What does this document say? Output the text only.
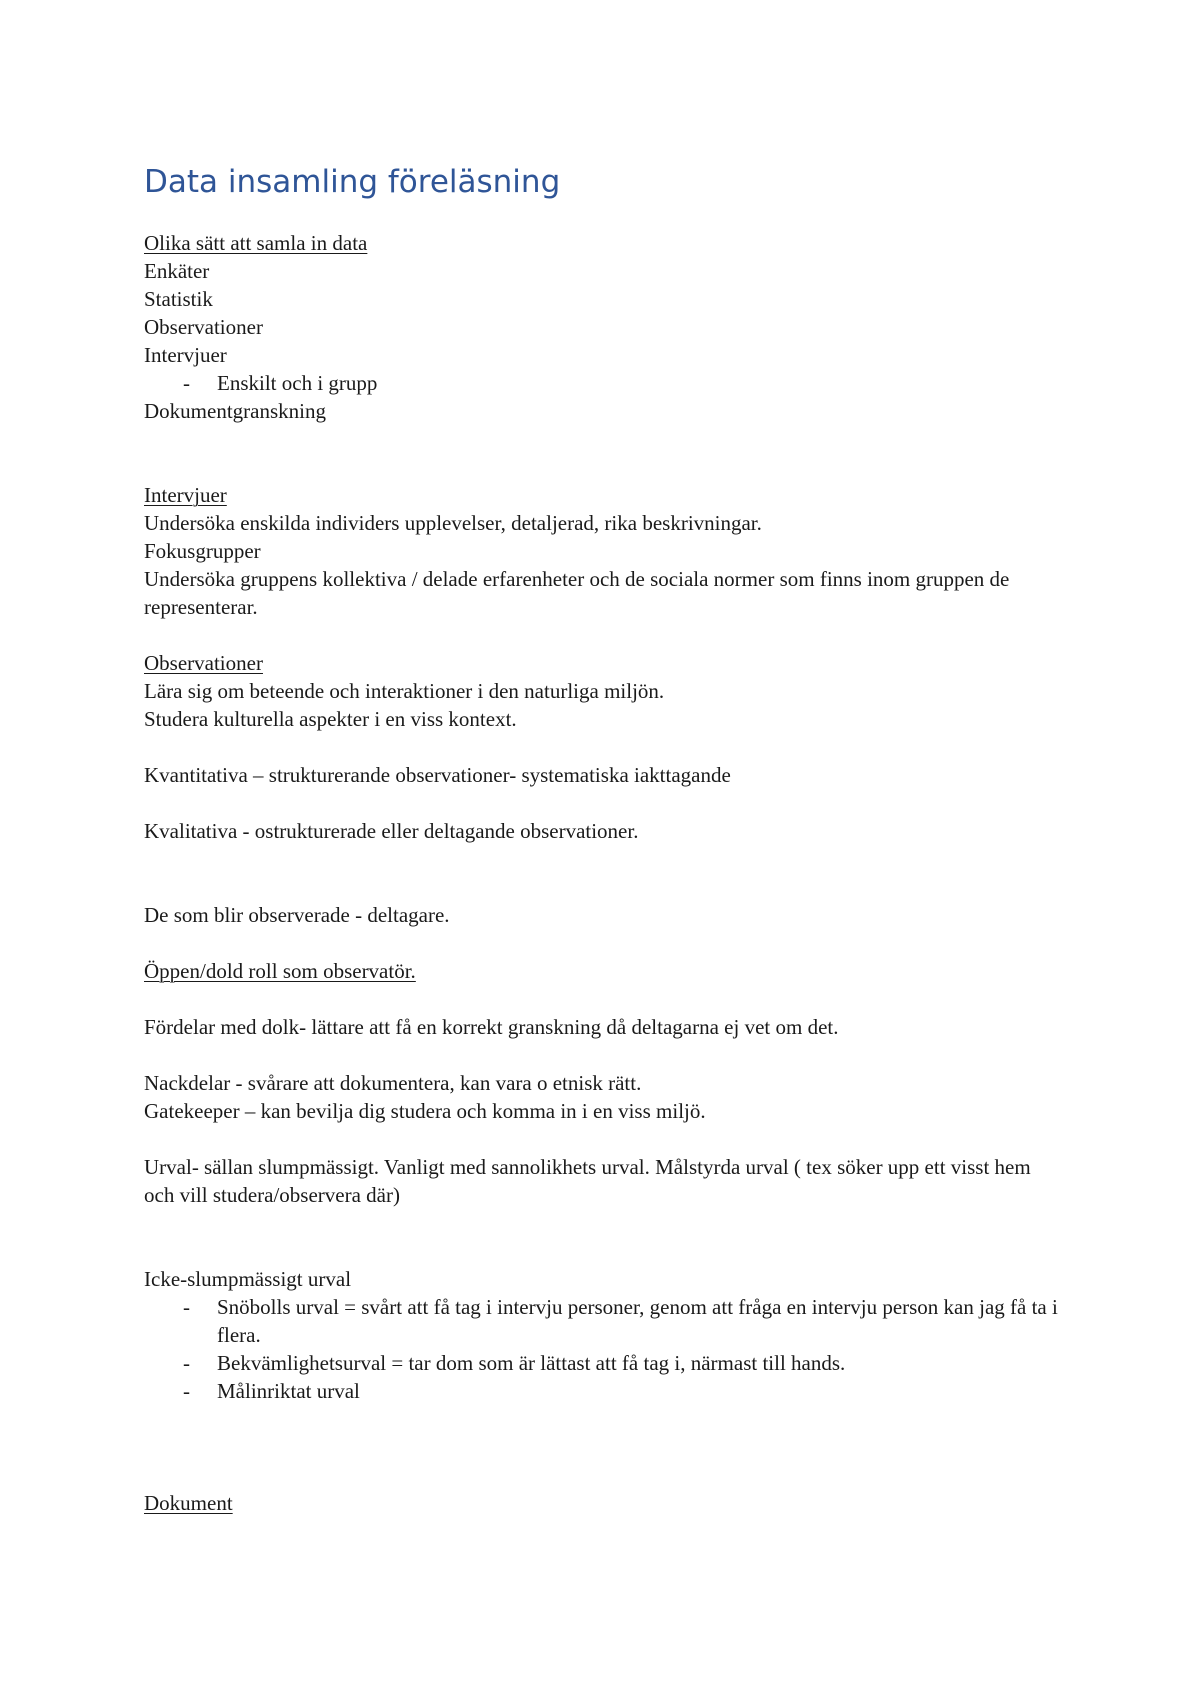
Data insamling föreläsning

Olika sätt att samla in data

Enkäter

Statistik

Observationer

Intervjuer

- Enskilt och i grupp

Dokumentgranskning

Intervjuer

Undersöka enskilda individers upplevelser, detaljerad, rika beskrivningar.

Fokusgrupper

Undersöka gruppens kollektiva / delade erfarenheter och de sociala normer som finns inom gruppen de representerar.

Observationer

Lära sig om beteende och interaktioner i den naturliga miljön.

Studera kulturella aspekter i en viss kontext.

Kvantitativa – strukturerande observationer- systematiska iakttagande

Kvalitativa - ostrukturerade eller deltagande observationer.

De som blir observerade - deltagare.

Öppen/dold roll som observatör.

Fördelar med dolk- lättare att få en korrekt granskning då deltagarna ej vet om det.

Nackdelar - svårare att dokumentera, kan vara o etnisk rätt.

Gatekeeper – kan bevilja dig studera och komma in i en viss miljö.

Urval- sällan slumpmässigt. Vanligt med sannolikhets urval. Målstyrda urval ( tex söker upp ett visst hem och vill studera/observera där)

Icke-slumpmässigt urval

- Snöbolls urval = svårt att få tag i intervju personer, genom att fråga en intervju person kan jag få ta i flera.
- Bekvämlighetsurval = tar dom som är lättast att få tag i, närmast till hands.
- Målinriktat urval

Dokument
